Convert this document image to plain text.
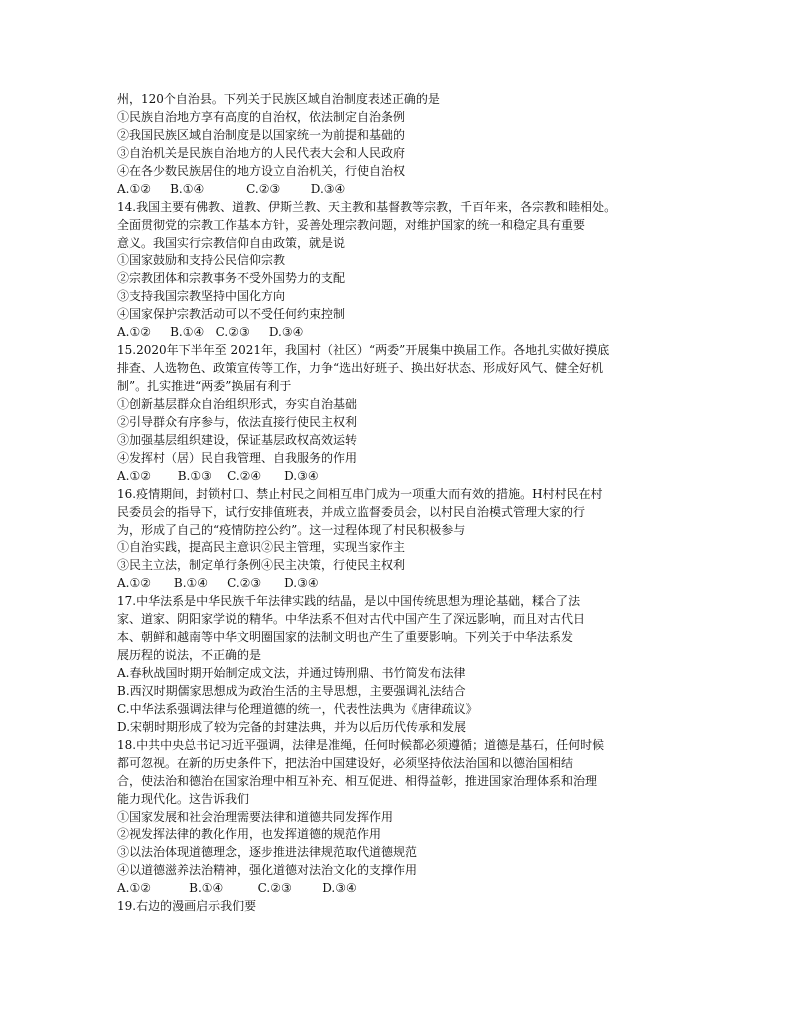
州，120个自治县。下列关于民族区域自治制度表述正确的是
①民族自治地方享有高度的自治权，依法制定自治条例
②我国民族区域自治制度是以国家统一为前提和基础的
③自治机关是民族自治地方的人民代表大会和人民政府
④在各少数民族居住的地方设立自治机关，行使自治权
A.①②     B.①④           C.②③        D.③④
14.我国主要有佛教、道教、伊斯兰教、天主教和基督教等宗教，千百年来，各宗教和睦相处。
全面贯彻党的宗教工作基本方针，妥善处理宗教问题，对维护国家的统一和稳定具有重要
意义。我国实行宗教信仰自由政策，就是说
①国家鼓励和支持公民信仰宗教
②宗教团体和宗教事务不受外国势力的支配
③支持我国宗教坚持中国化方向
④国家保护宗教活动可以不受任何约束控制
A.①②     B.①④   C.②③     D.③④
15.2020年下半年至 2021年，我国村（社区）“两委”开展集中换届工作。各地扎实做好摸底
排查、人选物色、政策宣传等工作，力争“选出好班子、换出好状态、形成好风气、健全好机
制”。扎实推进“两委”换届有利于
①创新基层群众自治组织形式，夯实自治基础
②引导群众有序参与，依法直接行使民主权利
③加强基层组织建设，保证基层政权高效运转
④发挥村（居）民自我管理、自我服务的作用
A.①②       B.①③    C.②④      D.③④
16.疫情期间，封锁村口、禁止村民之间相互串门成为一项重大而有效的措施。H村村民在村
民委员会的指导下，试行安排值班表，并成立监督委员会，以村民自治模式管理大家的行
为，形成了自己的“疫情防控公约”。这一过程体现了村民积极参与
①自治实践，提高民主意识②民主管理，实现当家作主
③民主立法，制定单行条例④民主决策，行使民主权利
A.①②      B.①④     C.②③      D.③④
17.中华法系是中华民族千年法律实践的结晶，是以中国传统思想为理论基础，糅合了法
家、道家、阴阳家学说的精华。中华法系不但对古代中国产生了深远影响，而且对古代日
本、朝鲜和越南等中华文明圈国家的法制文明也产生了重要影响。下列关于中华法系发
展历程的说法，不正确的是
A.春秋战国时期开始制定成文法，并通过铸刑鼎、书竹简发布法律
B.西汉时期儒家思想成为政治生活的主导思想，主要强调礼法结合
C.中华法系强调法律与伦理道德的统一，代表性法典为《唐律疏议》
D.宋朝时期形成了较为完备的封建法典，并为以后历代传承和发展
18.中共中央总书记习近平强调，法律是准绳，任何时候都必须遵循；道德是基石，任何时候
都可忽视。在新的历史条件下，把法治中国建设好，必须坚持依法治国和以德治国相结
合，使法治和德治在国家治理中相互补充、相互促进、相得益彰，推进国家治理体系和治理
能力现代化。这告诉我们
①国家发展和社会治理需要法律和道德共同发挥作用
②视发挥法律的教化作用，也发挥道德的规范作用
③以法治体现道德理念，逐步推进法律规范取代道德规范
④以道德滋养法治精神，强化道德对法治文化的支撑作用
A.①②          B.①④         C.②③        D.③④
19.右边的漫画启示我们要
